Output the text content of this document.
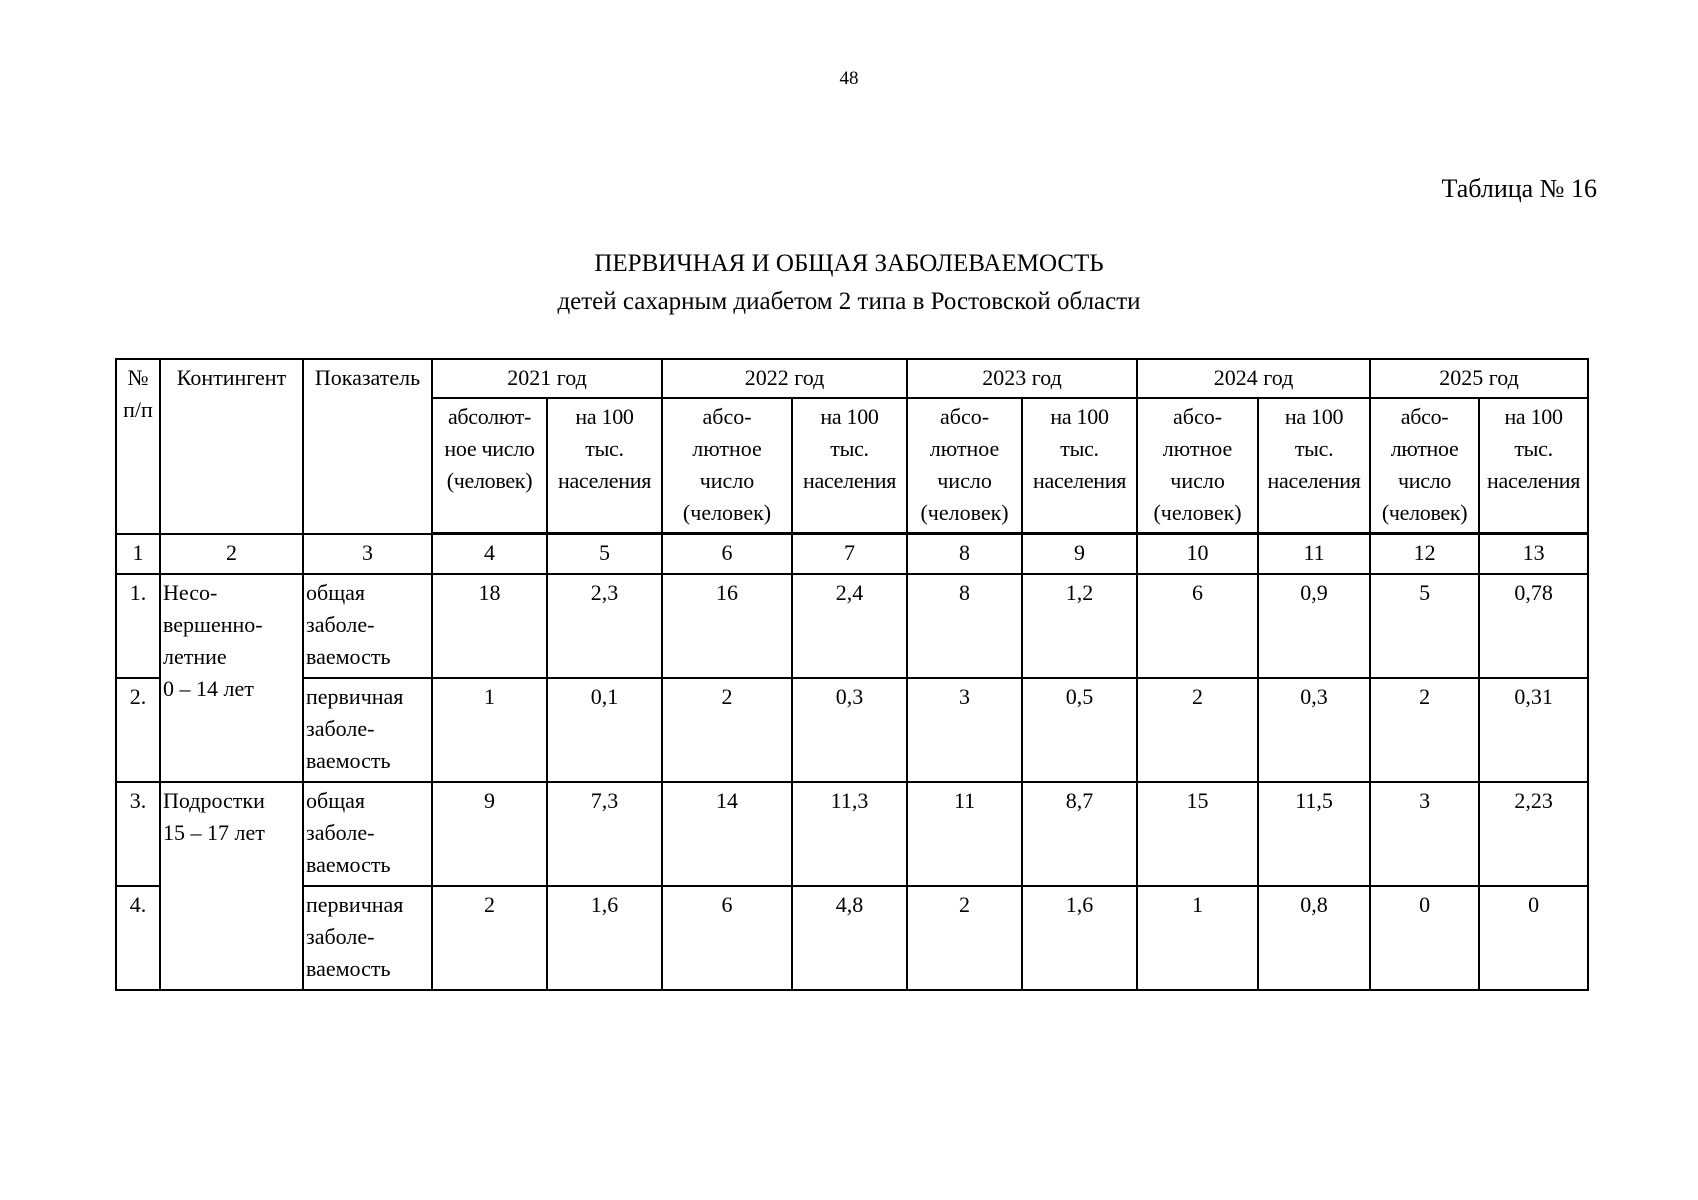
48
Таблица № 16
ПЕРВИЧНАЯ И ОБЩАЯ ЗАБОЛЕВАЕМОСТЬ
детей сахарным диабетом 2 типа в Ростовской области
№
п/п	Контингент	Показатель	2021 год		2022 год		2023 год		2024 год		2025 год	

			абсолют-
ное число
(человек)	на 100
тыс.
населения	абсо-
лютное
число
(человек)	на 100
тыс.
населения	абсо-
лютное
число
(человек)	на 100
тыс.
населения	абсо-
лютное
число
(человек)	на 100
тыс.
населения	абсо-
лютное
число
(человек)	на 100
тыс.
населения

1	2	3	4	5	6	7	8	9	10	11	12	13
1.	Несо-
вершенно-
летние
0 – 14 лет	общая
заболе-
ваемость	18	2,3	16	2,4	8	1,2	6	0,9	5	0,78
2.		первичная
заболе-
ваемость	1	0,1	2	0,3	3	0,5	2	0,3	2	0,31
3.	Подростки
15 – 17 лет	общая
заболе-
ваемость	9	7,3	14	11,3	11	8,7	15	11,5	3	2,23
4.		первичная
заболе-
ваемость	2	1,6	6	4,8	2	1,6	1	0,8	0	0
